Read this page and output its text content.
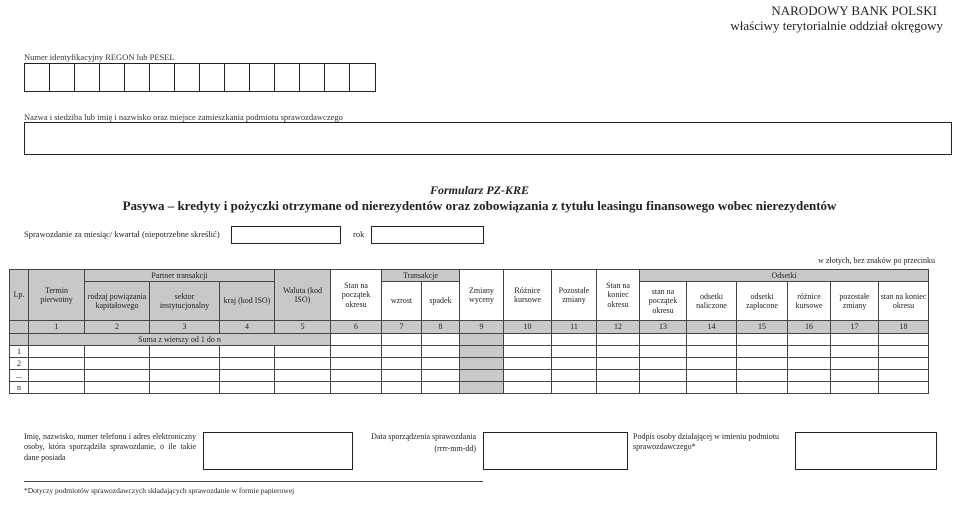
NARODOWY BANK POLSKI
właściwy terytorialnie oddział okręgowy
Numer identyfikacyjny REGON lub PESEL
Nazwa i siedziba lub imię i nazwisko oraz miejsce zamieszkania podmiotu sprawozdawczego
Formularz PZ-KRE
Pasywa – kredyty i pożyczki otrzymane od nierezydentów oraz zobowiązania z tytułu leasingu finansowego wobec nierezydentów
Sprawozdanie za miesiąc/ kwartał (niepotrzebne skreślić)	rok
w złotych, bez znaków po przecinku
Lp.	Termin pierwotny	Partner transakcji			Waluta (kod ISO)	Stan na początek okresu	Transakcje		Zmiany wyceny	Różnice kursowe	Pozostałe zmiany	Stan na koniec okresu	Odsetki					
		rodzaj powiązania kapitałowego	sektor instytucjonalny	kraj (kod ISO)			wzrost	spadek					stan na początek okresu	odsetki naliczone	odsetki zapłacone	różnice kursowe	pozostałe zmiany	stan na koniec okresu
	1	2	3	4	5	6	7	8	9	10	11	12	13	14	15	16	17	18
	Suma z wierszy od 1 do n																	
1																		
2																		
...																		
n																		
Imię, nazwisko, numer telefonu i adres elektroniczny osoby, która sporządziła sprawozdanie, o ile takie dane posiada
Data sporządzenia sprawozdania
(rrrr-mm-dd)
Podpis osoby działającej w imieniu podmiotu sprawozdawczego*
*Dotyczy podmiotów sprawozdawczych składających sprawozdanie w formie papierowej
